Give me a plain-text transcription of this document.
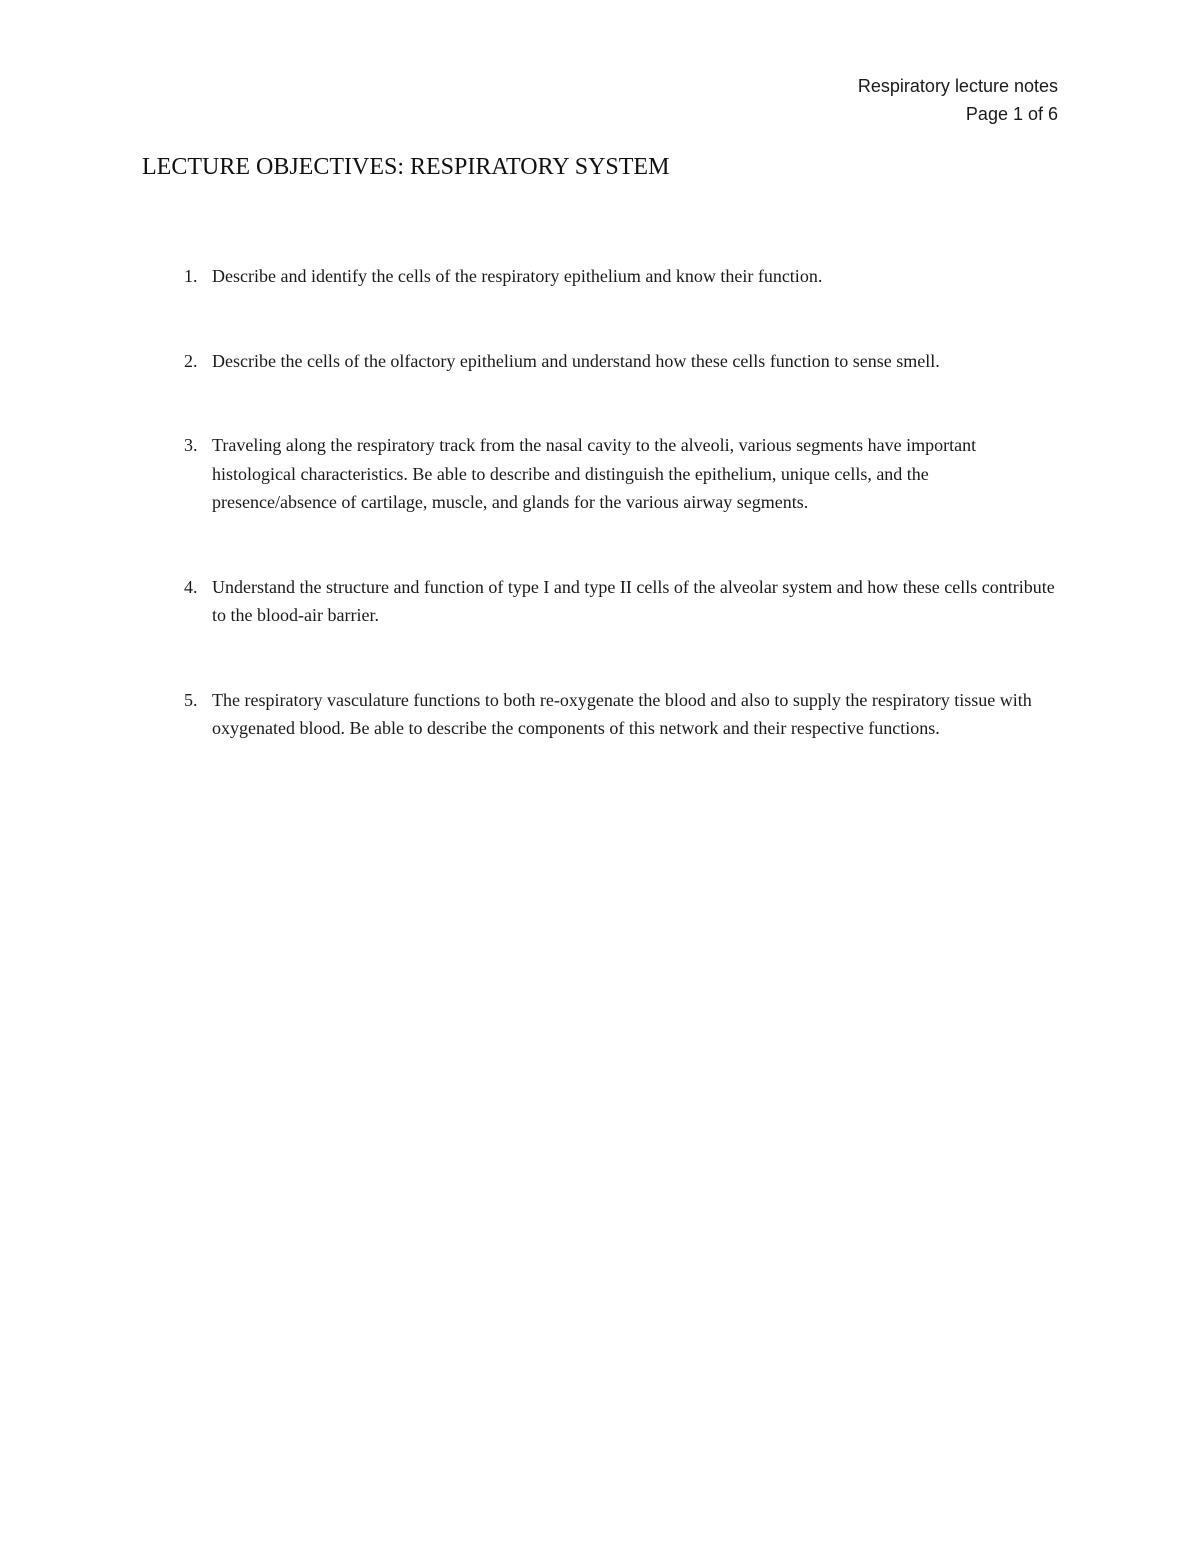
Respiratory lecture notes
Page 1 of 6
LECTURE OBJECTIVES: RESPIRATORY SYSTEM
1. Describe and identify the cells of the respiratory epithelium and know their function.
2. Describe the cells of the olfactory epithelium and understand how these cells function to sense smell.
3. Traveling along the respiratory track from the nasal cavity to the alveoli, various segments have important histological characteristics. Be able to describe and distinguish the epithelium, unique cells, and the presence/absence of cartilage, muscle, and glands for the various airway segments.
4. Understand the structure and function of type I and type II cells of the alveolar system and how these cells contribute to the blood-air barrier.
5. The respiratory vasculature functions to both re-oxygenate the blood and also to supply the respiratory tissue with oxygenated blood. Be able to describe the components of this network and their respective functions.
